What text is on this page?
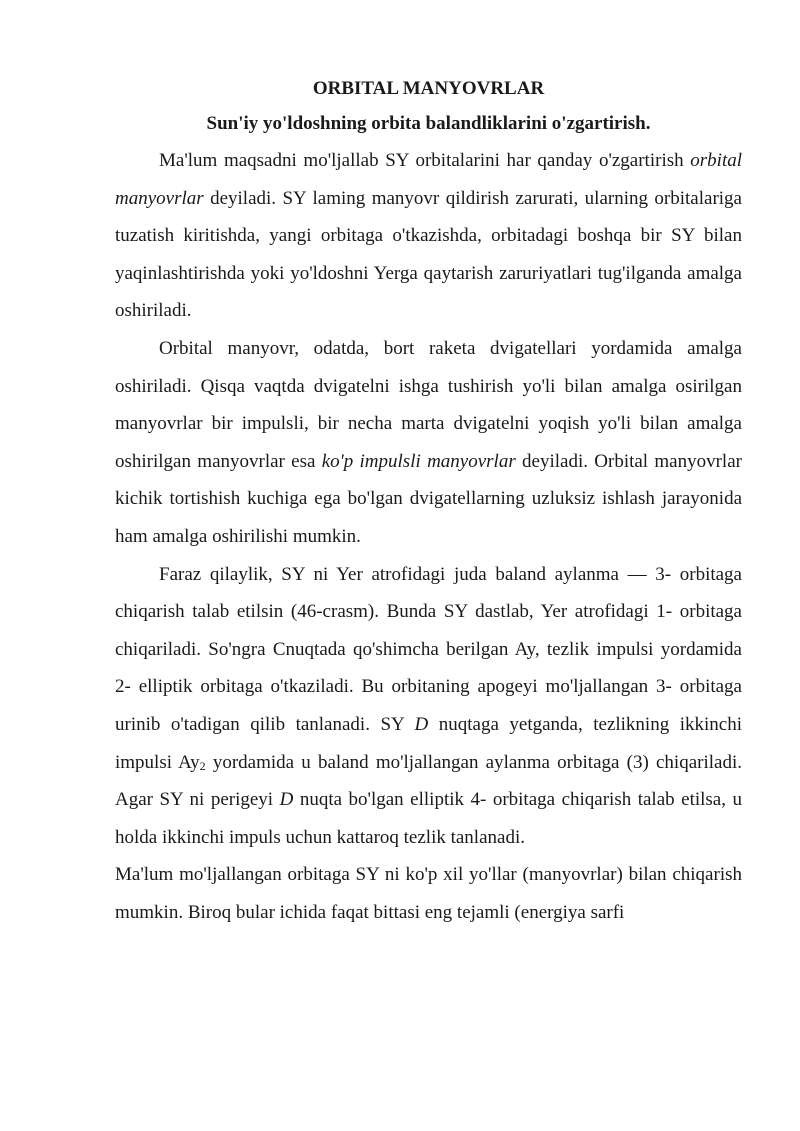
ORBITAL MANYOVRLAR

Sun'iy yo'ldoshning orbita balandliklarini o'zgartirish.

Ma'lum maqsadni mo'ljallab SY orbitalarini har qanday o'zgartirish orbital manyovrlar deyiladi. SY laming manyovr qildirish zarurati, ularning orbitalariga tuzatish kiritishda, yangi orbitaga o'tkazishda, orbitadagi boshqa bir SY bilan yaqinlashtirishda yoki yo'ldoshni Yerga qaytarish zaruriyatlari tug'ilganda amalga oshiriladi.

Orbital manyovr, odatda, bort raketa dvigatellari yordamida amalga oshiriladi. Qisqa vaqtda dvigatelni ishga tushirish yo'li bilan amalga osirilgan manyovrlar bir impulsli, bir necha marta dvigatelni yoqish yo'li bilan amalga oshirilgan manyovrlar esa ko'p impulsli manyovrlar deyiladi. Orbital manyovrlar kichik tortishish kuchiga ega bo'lgan dvigatellarning uzluksiz ishlash jarayonida ham amalga oshirilishi mumkin.

Faraz qilaylik, SY ni Yer atrofidagi juda baland aylanma — 3- orbitaga chiqarish talab etilsin (46-crasm). Bunda SY dastlab, Yer atrofidagi 1- orbitaga chiqariladi. So'ngra Cnuqtada qo'shimcha berilgan Ay, tezlik impulsi yordamida 2- elliptik orbitaga o'tkaziladi. Bu orbitaning apogeyi mo'ljallangan 3- orbitaga urinib o'tadigan qilib tanlanadi. SY D nuqtaga yetganda, tezlikning ikkinchi impulsi Ay2 yordamida u baland mo'ljallangan aylanma orbitaga (3) chiqariladi. Agar SY ni perigeyi D nuqta bo'lgan elliptik 4- orbitaga chiqarish talab etilsa, u holda ikkinchi impuls uchun kattaroq tezlik tanlanadi.

Ma'lum mo'ljallangan orbitaga SY ni ko'p xil yo'llar (manyovrlar) bilan chiqarish mumkin. Biroq bular ichida faqat bittasi eng tejamli (energiya sarfi
